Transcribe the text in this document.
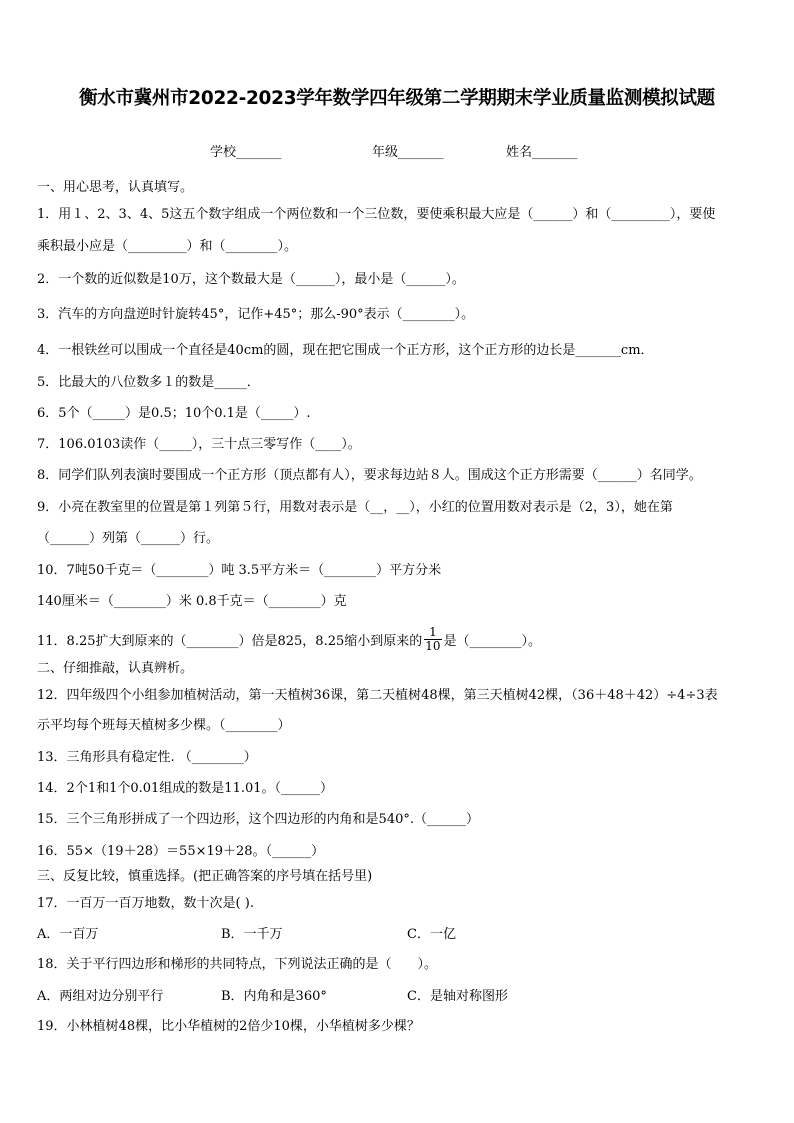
衡水市冀州市2022-2023学年数学四年级第二学期期末学业质量监测模拟试题
学校_______	年级_______	姓名_______
一、用心思考，认真填写。
1．用１、2、3、4、5这五个数字组成一个两位数和一个三位数，要使乘积最大应是（______）和（_________），要使
乘积最小应是（_________）和（________）。
2．一个数的近似数是10万，这个数最大是（______），最小是（______）。
3．汽车的方向盘逆时针旋转45°，记作+45°；那么-90°表示（________）。
4．一根铁丝可以围成一个直径是40cm的圆，现在把它围成一个正方形，这个正方形的边长是_______cm．
5．比最大的八位数多１的数是_____．
6．5个（_____）是0.5；10个0.1是（_____）.
7．106.0103读作（_____），三十点三零写作（____）。
8．同学们队列表演时要围成一个正方形（顶点都有人），要求每边站８人。围成这个正方形需要（______）名同学。
9．小亮在教室里的位置是第１列第５行，用数对表示是（__，__），小红的位置用数对表示是（2，3），她在第
（______）列第（______）行。
10．7吨50千克＝（________）吨 3.5平方米＝（________）平方分米
140厘米＝（________）米 0.8千克＝（________）克
11．8.25扩大到原来的（________）倍是825，8.25缩小到原来的 $\frac{1}{10}$ 是（________）。
二、仔细推敲，认真辨析。
12．四年级四个小组参加植树活动，第一天植树36课，第二天植树48棵，第三天植树42棵，（36＋48＋42）÷4÷3表
示平均每个班每天植树多少棵。（________）
13．三角形具有稳定性. （________）
14．2个1和1个0.01组成的数是11.01。（______）
15．三个三角形拼成了一个四边形，这个四边形的内角和是540°.（______）
16．55×（19＋28）＝55×19＋28。（______）
三、反复比较，慎重选择。(把正确答案的序号填在括号里)
17．一百万一百万地数，数十次是( ).
A．一百万	B．一千万	C．一亿
18．关于平行四边形和梯形的共同特点，下列说法正确的是（　　）。
A．两组对边分别平行	B．内角和是360°	C．是轴对称图形
19．小林植树48棵，比小华植树的2倍少10棵，小华植树多少棵？
